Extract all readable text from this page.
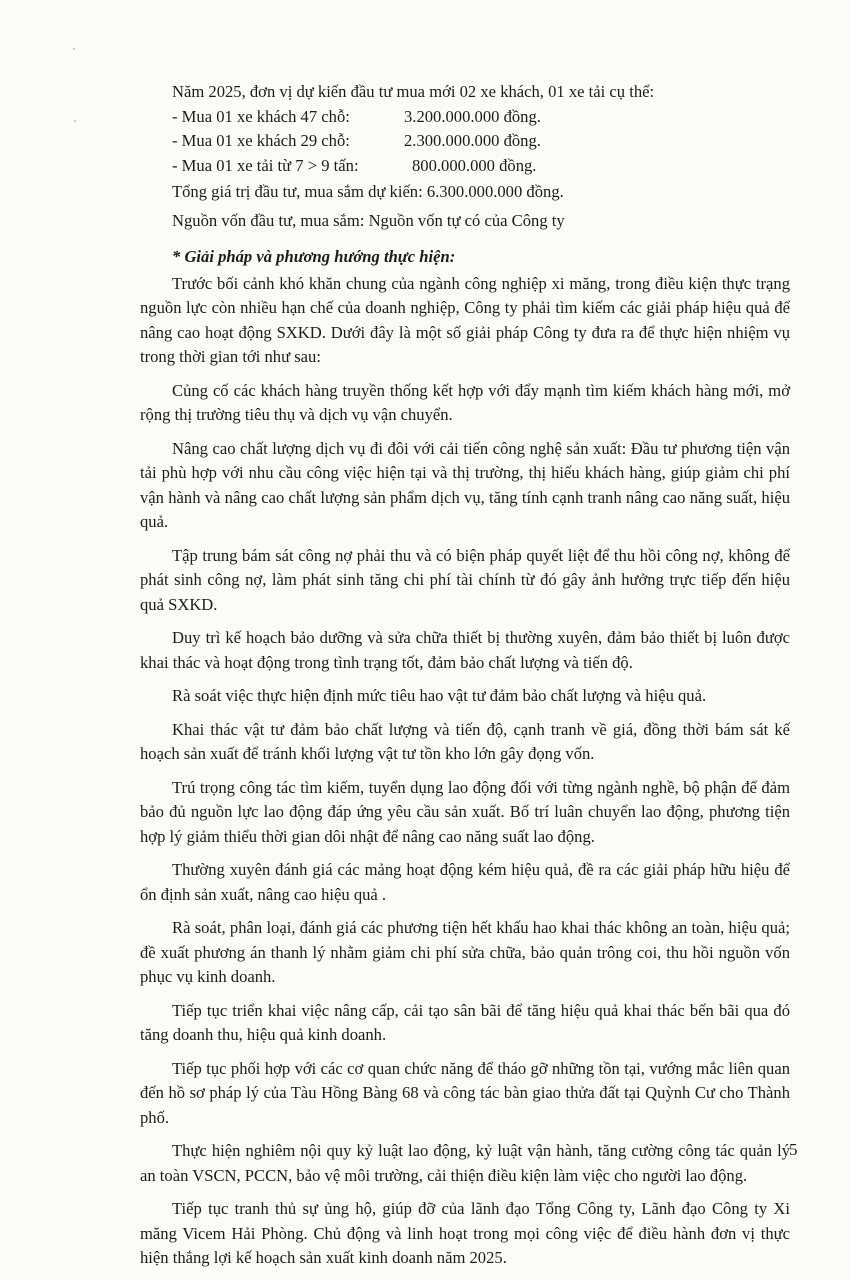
Năm 2025, đơn vị dự kiến đầu tư mua mới 02 xe khách, 01 xe tải cụ thể:
- Mua 01 xe khách 47 chỗ:	3.200.000.000 đồng.
- Mua 01 xe khách 29 chỗ:	2.300.000.000 đồng.
- Mua 01 xe tải từ 7 > 9 tấn:	800.000.000 đồng.
Tổng giá trị đầu tư, mua sắm dự kiến: 6.300.000.000 đồng.
Nguồn vốn đầu tư, mua sắm: Nguồn vốn tự có của Công ty
* Giải pháp và phương hướng thực hiện:

Trước bối cảnh khó khăn chung của ngành công nghiệp xi măng, trong điều kiện thực trạng nguồn lực còn nhiều hạn chế của doanh nghiệp, Công ty phải tìm kiếm các giải pháp hiệu quả để nâng cao hoạt động SXKD. Dưới đây là một số giải pháp Công ty đưa ra để thực hiện nhiệm vụ trong thời gian tới như sau:

Củng cố các khách hàng truyền thống kết hợp với đẩy mạnh tìm kiếm khách hàng mới, mở rộng thị trường tiêu thụ và dịch vụ vận chuyển.

Nâng cao chất lượng dịch vụ đi đôi với cải tiến công nghệ sản xuất: Đầu tư phương tiện vận tải phù hợp với nhu cầu công việc hiện tại và thị trường, thị hiếu khách hàng, giúp giảm chi phí vận hành và nâng cao chất lượng sản phẩm dịch vụ, tăng tính cạnh tranh nâng cao năng suất, hiệu quả.

Tập trung bám sát công nợ phải thu và có biện pháp quyết liệt để thu hồi công nợ, không để phát sinh công nợ, làm phát sinh tăng chi phí tài chính từ đó gây ảnh hưởng trực tiếp đến hiệu quả SXKD.

Duy trì kế hoạch bảo dưỡng và sửa chữa thiết bị thường xuyên, đảm bảo thiết bị luôn được khai thác và hoạt động trong tình trạng tốt, đảm bảo chất lượng và tiến độ.

Rà soát việc thực hiện định mức tiêu hao vật tư đảm bảo chất lượng và hiệu quả.

Khai thác vật tư đảm bảo chất lượng và tiến độ, cạnh tranh về giá, đồng thời bám sát kế hoạch sản xuất để tránh khối lượng vật tư tồn kho lớn gây đọng vốn.

Trú trọng công tác tìm kiếm, tuyển dụng lao động đối với từng ngành nghề, bộ phận để đảm bảo đủ nguồn lực lao động đáp ứng yêu cầu sản xuất. Bố trí luân chuyển lao động, phương tiện hợp lý giảm thiểu thời gian dôi nhật để nâng cao năng suất lao động.

Thường xuyên đánh giá các mảng hoạt động kém hiệu quả, đề ra các giải pháp hữu hiệu để ổn định sản xuất, nâng cao hiệu quả .

Rà soát, phân loại, đánh giá các phương tiện hết khấu hao khai thác không an toàn, hiệu quả; đề xuất phương án thanh lý nhằm giảm chi phí sửa chữa, bảo quản trông coi, thu hồi nguồn vốn phục vụ kinh doanh.

Tiếp tục triển khai việc nâng cấp, cải tạo sân bãi để tăng hiệu quả khai thác bến bãi qua đó tăng doanh thu, hiệu quả kinh doanh.

Tiếp tục phối hợp với các cơ quan chức năng để tháo gỡ những tồn tại, vướng mắc liên quan đến hồ sơ pháp lý của Tàu Hồng Bàng 68 và công tác bàn giao thửa đất tại Quỳnh Cư cho Thành phố.

Thực hiện nghiêm nội quy kỷ luật lao động, kỷ luật vận hành, tăng cường công tác quản lý an toàn VSCN, PCCN, bảo vệ môi trường, cải thiện điều kiện làm việc cho người lao động.

Tiếp tục tranh thủ sự ủng hộ, giúp đỡ của lãnh đạo Tổng Công ty, Lãnh đạo Công ty Xi măng Vicem Hải Phòng. Chủ động và linh hoạt trong mọi công việc để điều hành đơn vị thực hiện thắng lợi kế hoạch sản xuất kinh doanh năm 2025.

5
